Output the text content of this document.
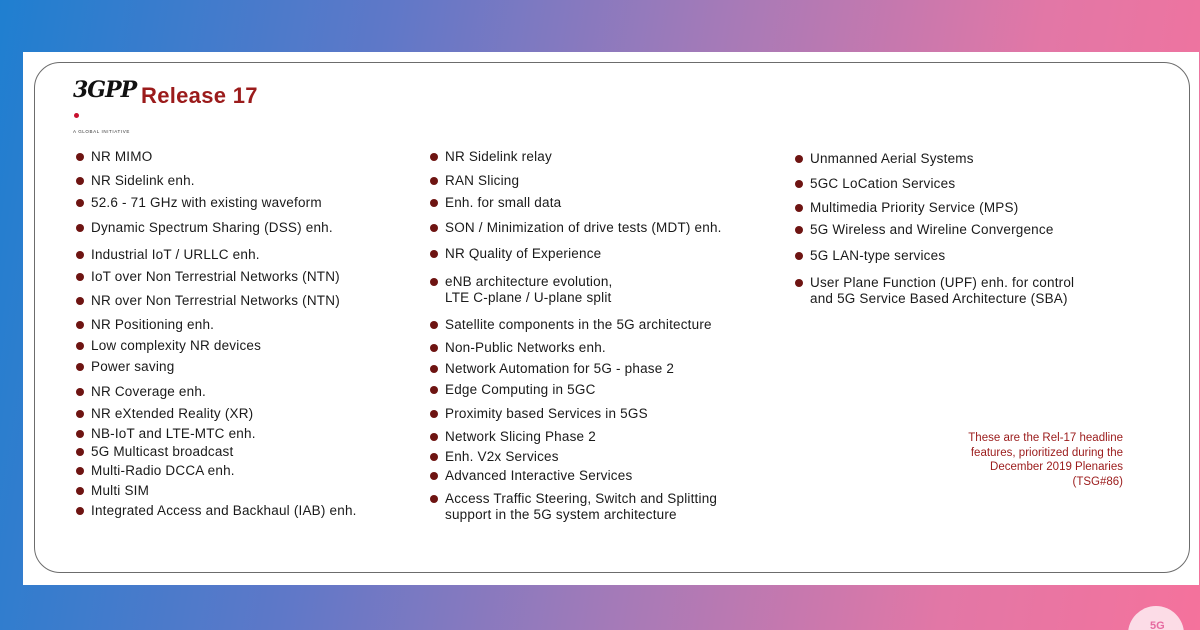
3GPP
A GLOBAL INITIATIVE
Release 17
NR MIMO
NR Sidelink enh.
52.6 - 71 GHz with existing waveform
Dynamic Spectrum Sharing (DSS) enh.
Industrial IoT / URLLC enh.
IoT over Non Terrestrial Networks (NTN)
NR over Non Terrestrial Networks (NTN)
NR Positioning enh.
Low complexity NR devices
Power saving
NR Coverage enh.
NR eXtended Reality (XR)
NB-IoT and LTE-MTC enh.
5G Multicast broadcast
Multi-Radio DCCA enh.
Multi SIM
Integrated Access and Backhaul (IAB) enh.
NR Sidelink relay
RAN Slicing
Enh. for small data
SON / Minimization of drive tests (MDT) enh.
NR Quality of Experience
eNB architecture evolution,
LTE C-plane / U-plane split
Satellite components in the 5G architecture
Non-Public Networks enh.
Network Automation for 5G - phase 2
Edge Computing in 5GC
Proximity based Services in 5GS
Network Slicing Phase 2
Enh. V2x Services
Advanced Interactive Services
Access Traffic Steering, Switch and Splitting
support in the 5G system architecture
Unmanned Aerial Systems
5GC LoCation Services
Multimedia Priority Service (MPS)
5G Wireless and Wireline Convergence
5G LAN-type services
User Plane Function (UPF) enh. for control
and 5G Service Based Architecture (SBA)
These are the Rel-17 headline
features, prioritized during the
December 2019 Plenaries
(TSG#86)
5G
